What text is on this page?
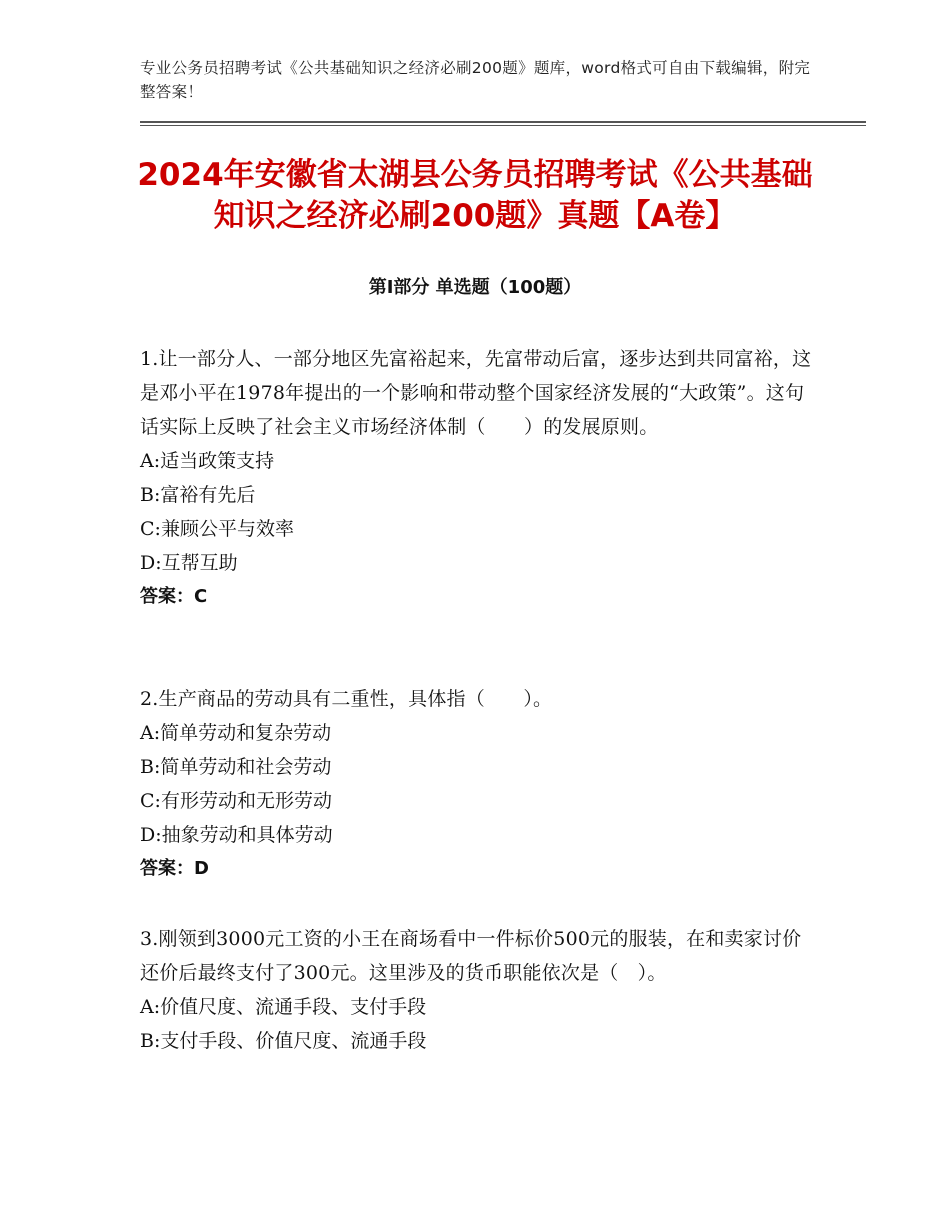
专业公务员招聘考试《公共基础知识之经济必刷200题》题库，word格式可自由下载编辑，附完整答案！
2024年安徽省太湖县公务员招聘考试《公共基础知识之经济必刷200题》真题【A卷】
第Ⅰ部分 单选题（100题）
1.让一部分人、一部分地区先富裕起来，先富带动后富，逐步达到共同富裕，这是邓小平在1978年提出的一个影响和带动整个国家经济发展的“大政策”。这句话实际上反映了社会主义市场经济体制（　　）的发展原则。
A:适当政策支持
B:富裕有先后
C:兼顾公平与效率
D:互帮互助
答案：C
2.生产商品的劳动具有二重性，具体指（　　）。
A:简单劳动和复杂劳动
B:简单劳动和社会劳动
C:有形劳动和无形劳动
D:抽象劳动和具体劳动
答案：D
3.刚领到3000元工资的小王在商场看中一件标价500元的服装，在和卖家讨价还价后最终支付了300元。这里涉及的货币职能依次是（　）。
A:价值尺度、流通手段、支付手段
B:支付手段、价值尺度、流通手段
